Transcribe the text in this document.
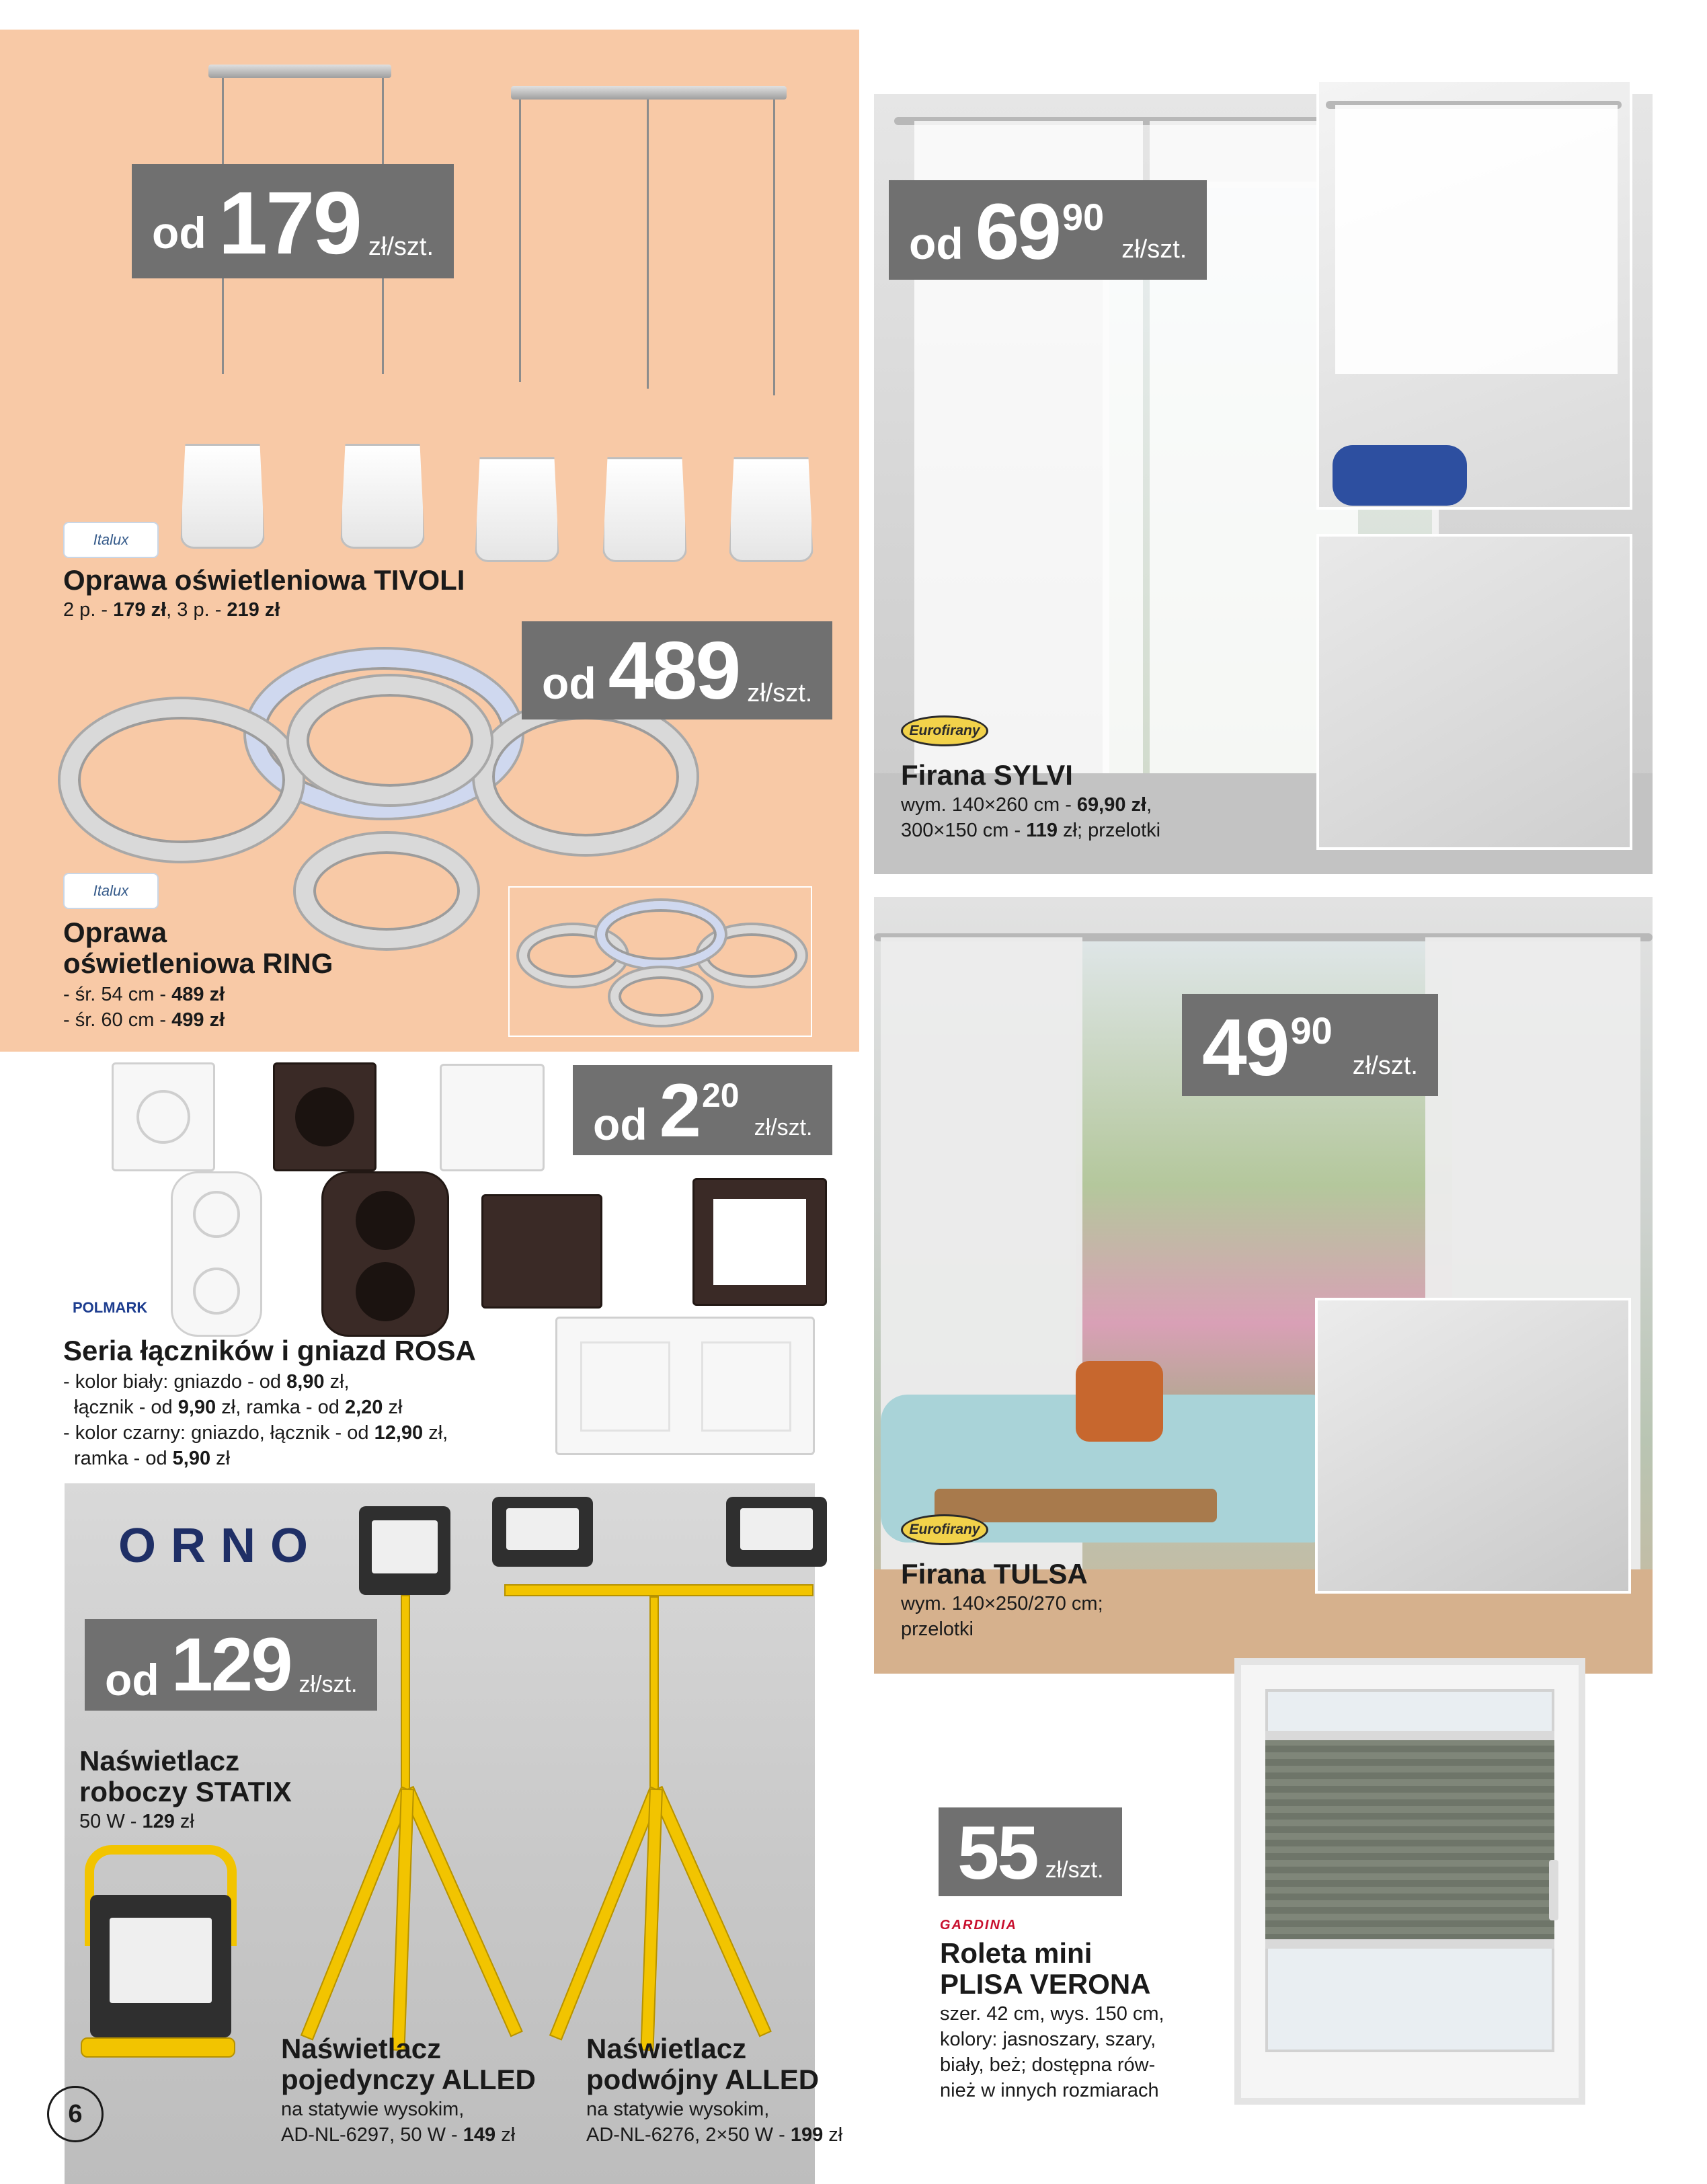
od 179 zł/szt.
Italux
Oprawa oświetleniowa TIVOLI
2 p. - 179 zł, 3 p. - 219 zł
od 489 zł/szt.
Italux
Oprawa
oświetleniowa RING
- śr. 54 cm - 489 zł
- śr. 60 cm - 499 zł
od 69 90
zł/szt.
Eurofirany
Firana SYLVI
wym. 140×260 cm - 69,90 zł,
300×150 cm - 119 zł; przelotki
49 90
zł/szt.
Eurofirany
Firana TULSA
wym. 140×250/270 cm;
przelotki
od 2 20
zł/szt.
POLMARK
Seria łączników i gniazd ROSA
- kolor biały: gniazdo - od 8,90 zł,
łącznik - od 9,90 zł, ramka - od 2,20 zł
- kolor czarny: gniazdo, łącznik - od 12,90 zł,
ramka - od 5,90 zł
ORNO
od 129 zł/szt.
Naświetlacz
roboczy STATIX
50 W - 129 zł
Naświetlacz
pojedynczy ALLED
na statywie wysokim,
AD-NL-6297, 50 W - 149 zł
Naświetlacz
podwójny ALLED
na statywie wysokim,
AD-NL-6276, 2×50 W - 199 zł
55 zł/szt.
GARDINIA
Roleta mini
PLISA VERONA
szer. 42 cm, wys. 150 cm,
kolory: jasnoszary, szary,
biały, beż; dostępna rów-
nież w innych rozmiarach
6
